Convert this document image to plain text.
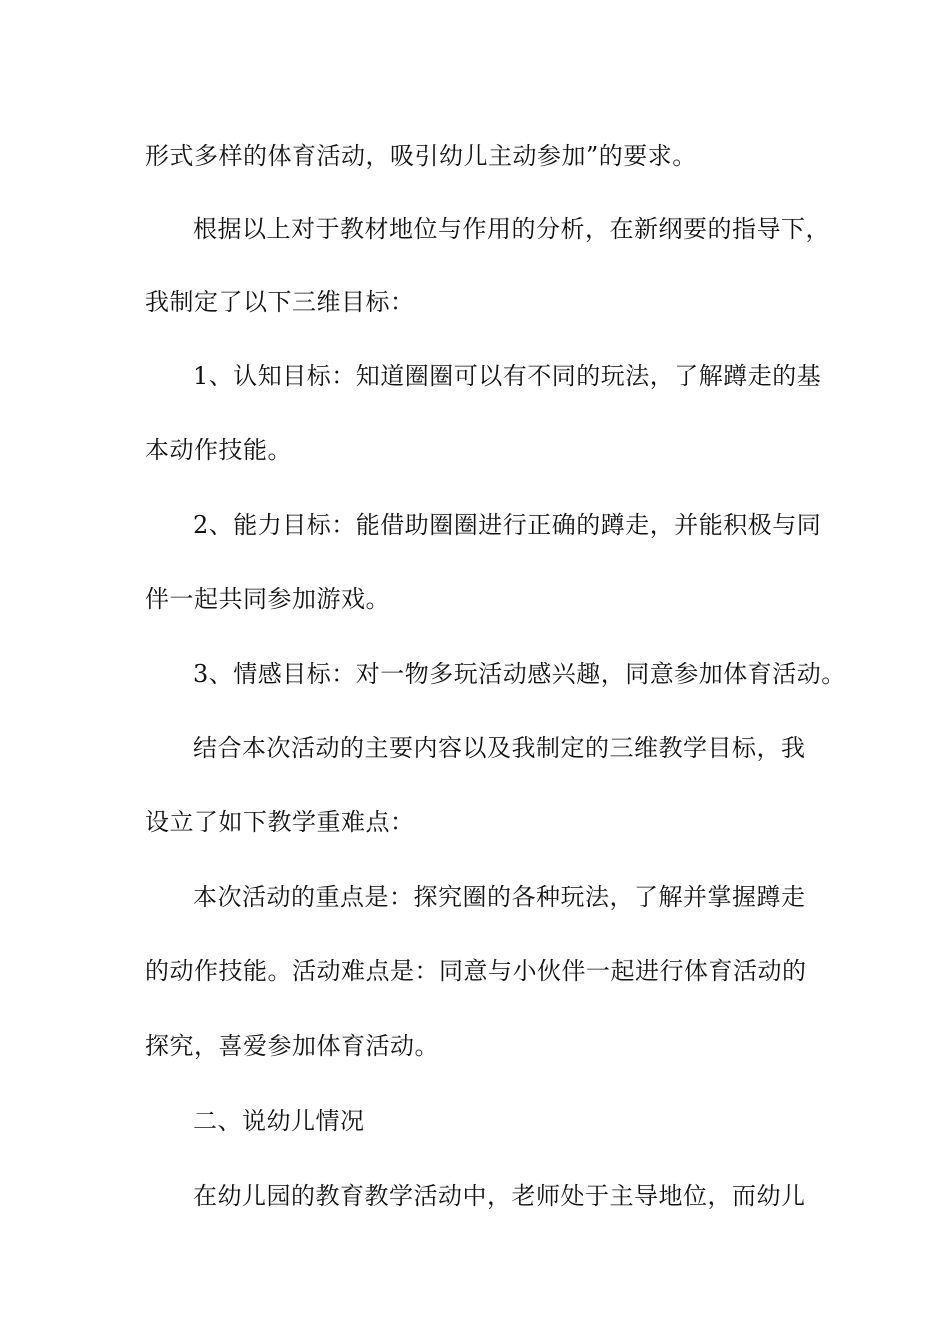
形式多样的体育活动，吸引幼儿主动参加”的要求。
根据以上对于教材地位与作用的分析，在新纲要的指导下，
我制定了以下三维目标：
1、认知目标：知道圈圈可以有不同的玩法，了解蹲走的基
本动作技能。
2、能力目标：能借助圈圈进行正确的蹲走，并能积极与同
伴一起共同参加游戏。
3、情感目标：对一物多玩活动感兴趣，同意参加体育活动。
结合本次活动的主要内容以及我制定的三维教学目标，我
设立了如下教学重难点：
本次活动的重点是：探究圈的各种玩法，了解并掌握蹲走
的动作技能。活动难点是：同意与小伙伴一起进行体育活动的
探究，喜爱参加体育活动。
二、说幼儿情况
在幼儿园的教育教学活动中，老师处于主导地位，而幼儿
